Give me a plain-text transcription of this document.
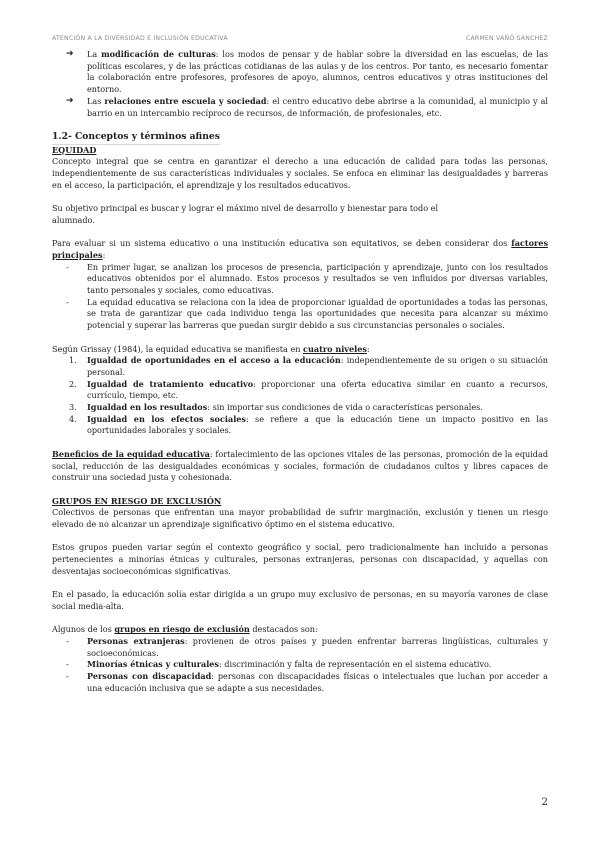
ATENCIÓN A LA DIVERSIDAD E INCLUSIÓN EDUCATIVA	CARMEN VAÑÓ SÁNCHEZ
➔ La modificación de culturas: los modos de pensar y de hablar sobre la diversidad en las escuelas, de las políticas escolares, y de las prácticas cotidianas de las aulas y de los centros. Por tanto, es necesario fomentar la colaboración entre profesores, profesores de apoyo, alumnos, centros educativos y otras instituciones del entorno.

➔ Las relaciones entre escuela y sociedad: el centro educativo debe abrirse a la comunidad, al municipio y al barrio en un intercambio recíproco de recursos, de información, de profesionales, etc.

1.2- Conceptos y términos afines

EQUIDAD

Concepto integral que se centra en garantizar el derecho a una educación de calidad para todas las personas, independientemente de sus características individuales y sociales. Se enfoca en eliminar las desigualdades y barreras en el acceso, la participación, el aprendizaje y los resultados educativos.

Su objetivo principal es buscar y lograr el máximo nivel de desarrollo y bienestar para todo el
alumnado.

Para evaluar si un sistema educativo o una institución educativa son equitativos, se deben considerar dos factores principales:

- En primer lugar, se analizan los procesos de presencia, participación y aprendizaje, junto con los resultados educativos obtenidos por el alumnado. Estos procesos y resultados se ven influidos por diversas variables, tanto personales y sociales, como educativas.

- La equidad educativa se relaciona con la idea de proporcionar igualdad de oportunidades a todas las personas, se trata de garantizar que cada individuo tenga las oportunidades que necesita para alcanzar su máximo potencial y superar las barreras que puedan surgir debido a sus circunstancias personales o sociales.

Según Grissay (1984), la equidad educativa se manifiesta en cuatro niveles:

1. Igualdad de oportunidades en el acceso a la educación: independientemente de su origen o su situación personal.

2. Igualdad de tratamiento educativo: proporcionar una oferta educativa similar en cuanto a recursos, currículo, tiempo, etc.

3. Igualdad en los resultados: sin importar sus condiciones de vida o características personales.

4. Igualdad en los efectos sociales: se refiere a que la educación tiene un impacto positivo en las oportunidades laborales y sociales.

Beneficios de la equidad educativa: fortalecimiento de las opciones vitales de las personas, promoción de la equidad social, reducción de las desigualdades económicas y sociales, formación de ciudadanos cultos y libres capaces de construir una sociedad justa y cohesionada.

GRUPOS EN RIESGO DE EXCLUSIÓN

Colectivos de personas que enfrentan una mayor probabilidad de sufrir marginación, exclusión y tienen un riesgo elevado de no alcanzar un aprendizaje significativo óptimo en el sistema educativo.

Estos grupos pueden variar según el contexto geográfico y social, pero tradicionalmente han incluido a personas pertenecientes a minorías étnicas y culturales, personas extranjeras, personas con discapacidad, y aquellas con desventajas socioeconómicas significativas.

En el pasado, la educación solía estar dirigida a un grupo muy exclusivo de personas, en su mayoría varones de clase social media-alta.

Algunos de los grupos en riesgo de exclusión destacados son:

- Personas extranjeras: provienen de otros países y pueden enfrentar barreras lingüísticas, culturales y socioeconómicas.

- Minorías étnicas y culturales: discriminación y falta de representación en el sistema educativo.

- Personas con discapacidad: personas con discapacidades físicas o intelectuales que luchan por acceder a una educación inclusiva que se adapte a sus necesidades.

2
